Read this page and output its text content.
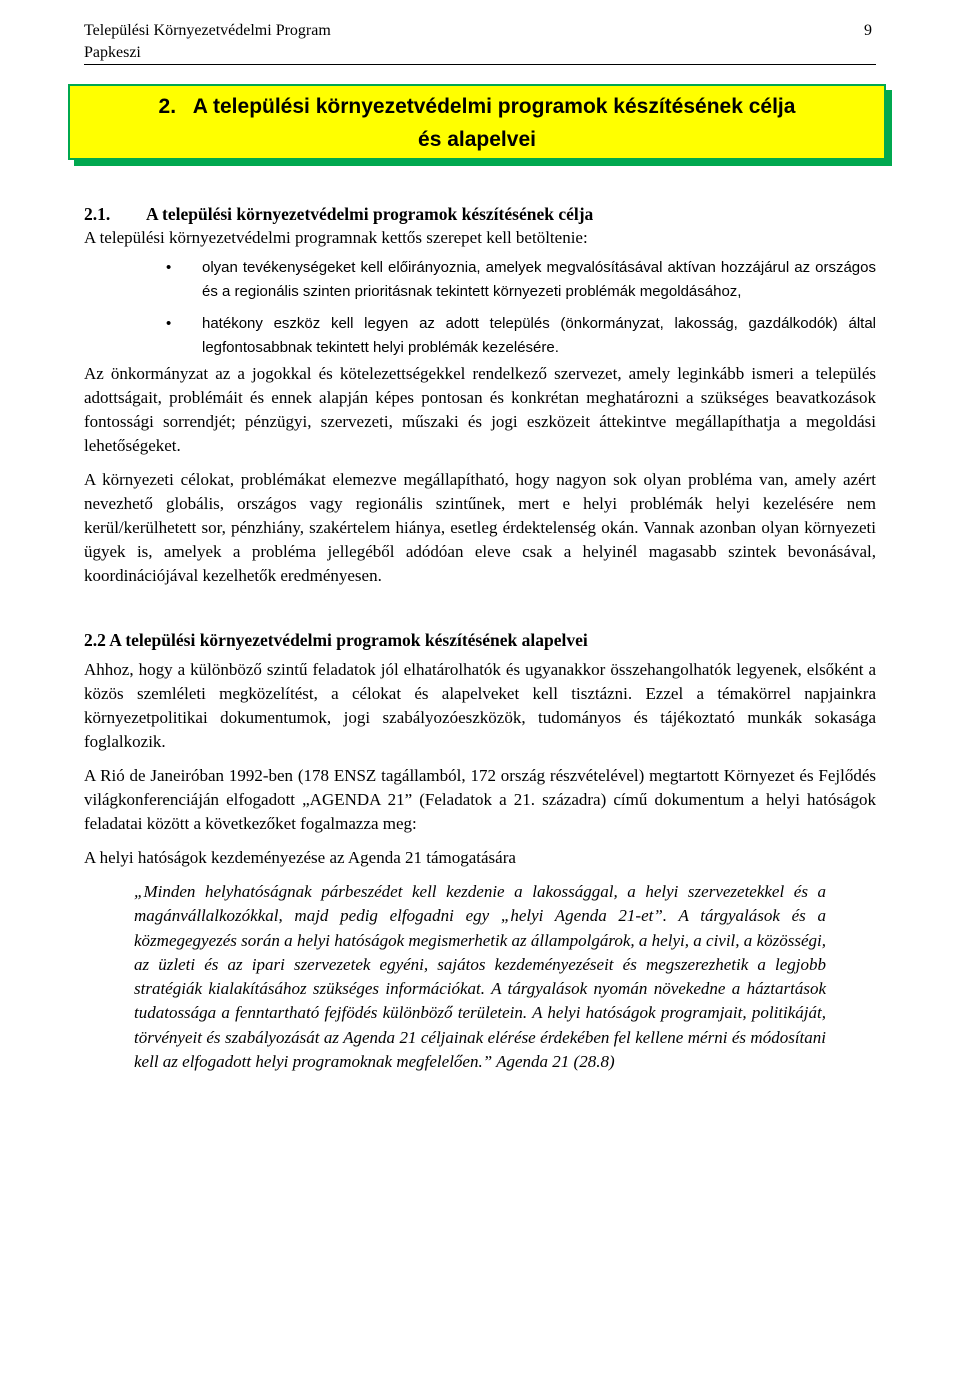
Települési Környezetvédelmi Program
Papkeszi
9
2.   A települési környezetvédelmi programok készítésének célja
és alapelvei
2.1. A települési környezetvédelmi programok készítésének célja

A települési környezetvédelmi programnak kettős szerepet kell betöltenie:

• olyan tevékenységeket kell előirányoznia, amelyek megvalósításával aktívan hozzájárul az országos és a regionális szinten prioritásnak tekintett környezeti problémák megoldásához,
• hatékony eszköz kell legyen az adott település (önkormányzat, lakosság, gazdálkodók) által legfontosabbnak tekintett helyi problémák kezelésére.

Az önkormányzat az a jogokkal és kötelezettségekkel rendelkező szervezet, amely leginkább ismeri a település adottságait, problémáit és ennek alapján képes pontosan és konkrétan meghatározni a szükséges beavatkozások fontossági sorrendjét; pénzügyi, szervezeti, műszaki és jogi eszközeit áttekintve megállapíthatja a megoldási lehetőségeket.

A környezeti célokat, problémákat elemezve megállapítható, hogy nagyon sok olyan probléma van, amely azért nevezhető globális, országos vagy regionális szintűnek, mert e helyi problémák helyi kezelésére nem kerül/kerülhetett sor, pénzhiány, szakértelem hiánya, esetleg érdektelenség okán. Vannak azonban olyan környezeti ügyek is, amelyek a probléma jellegéből adódóan eleve csak a helyinél magasabb szintek bevonásával, koordinációjával kezelhetők eredményesen.

2.2 A települési környezetvédelmi programok készítésének alapelvei

Ahhoz, hogy a különböző szintű feladatok jól elhatárolhatók és ugyanakkor összehangolhatók legyenek, elsőként a közös szemléleti megközelítést, a célokat és alapelveket kell tisztázni. Ezzel a témakörrel napjainkra környezetpolitikai dokumentumok, jogi szabályozóeszközök, tudományos és tájékoztató munkák sokasága foglalkozik.

A Rió de Janeiróban 1992-ben (178 ENSZ tagállamból, 172 ország részvételével) megtartott Környezet és Fejlődés világkonferenciáján elfogadott „AGENDA 21” (Feladatok a 21. századra) című dokumentum a helyi hatóságok feladatai között a következőket fogalmazza meg:

A helyi hatóságok kezdeményezése az Agenda 21 támogatására

„Minden helyhatóságnak párbeszédet kell kezdenie a lakossággal, a helyi szervezetekkel és a magánvállalkozókkal, majd pedig elfogadni egy „helyi Agenda 21-et”. A tárgyalások és a közmegegyezés során a helyi hatóságok megismerhetik az állampolgárok, a helyi, a civil, a közösségi, az üzleti és az ipari szervezetek egyéni, sajátos kezdeményezéseit és megszerezhetik a legjobb stratégiák kialakításához szükséges információkat. A tárgyalások nyomán növekedne a háztartások tudatossága a fenntartható fejfödés különböző területein. A helyi hatóságok programjait, politikáját, törvényeit és szabályozását az Agenda 21 céljainak elérése érdekében fel kellene mérni és módosítani kell az elfogadott helyi programoknak megfelelően.” Agenda 21 (28.8)
